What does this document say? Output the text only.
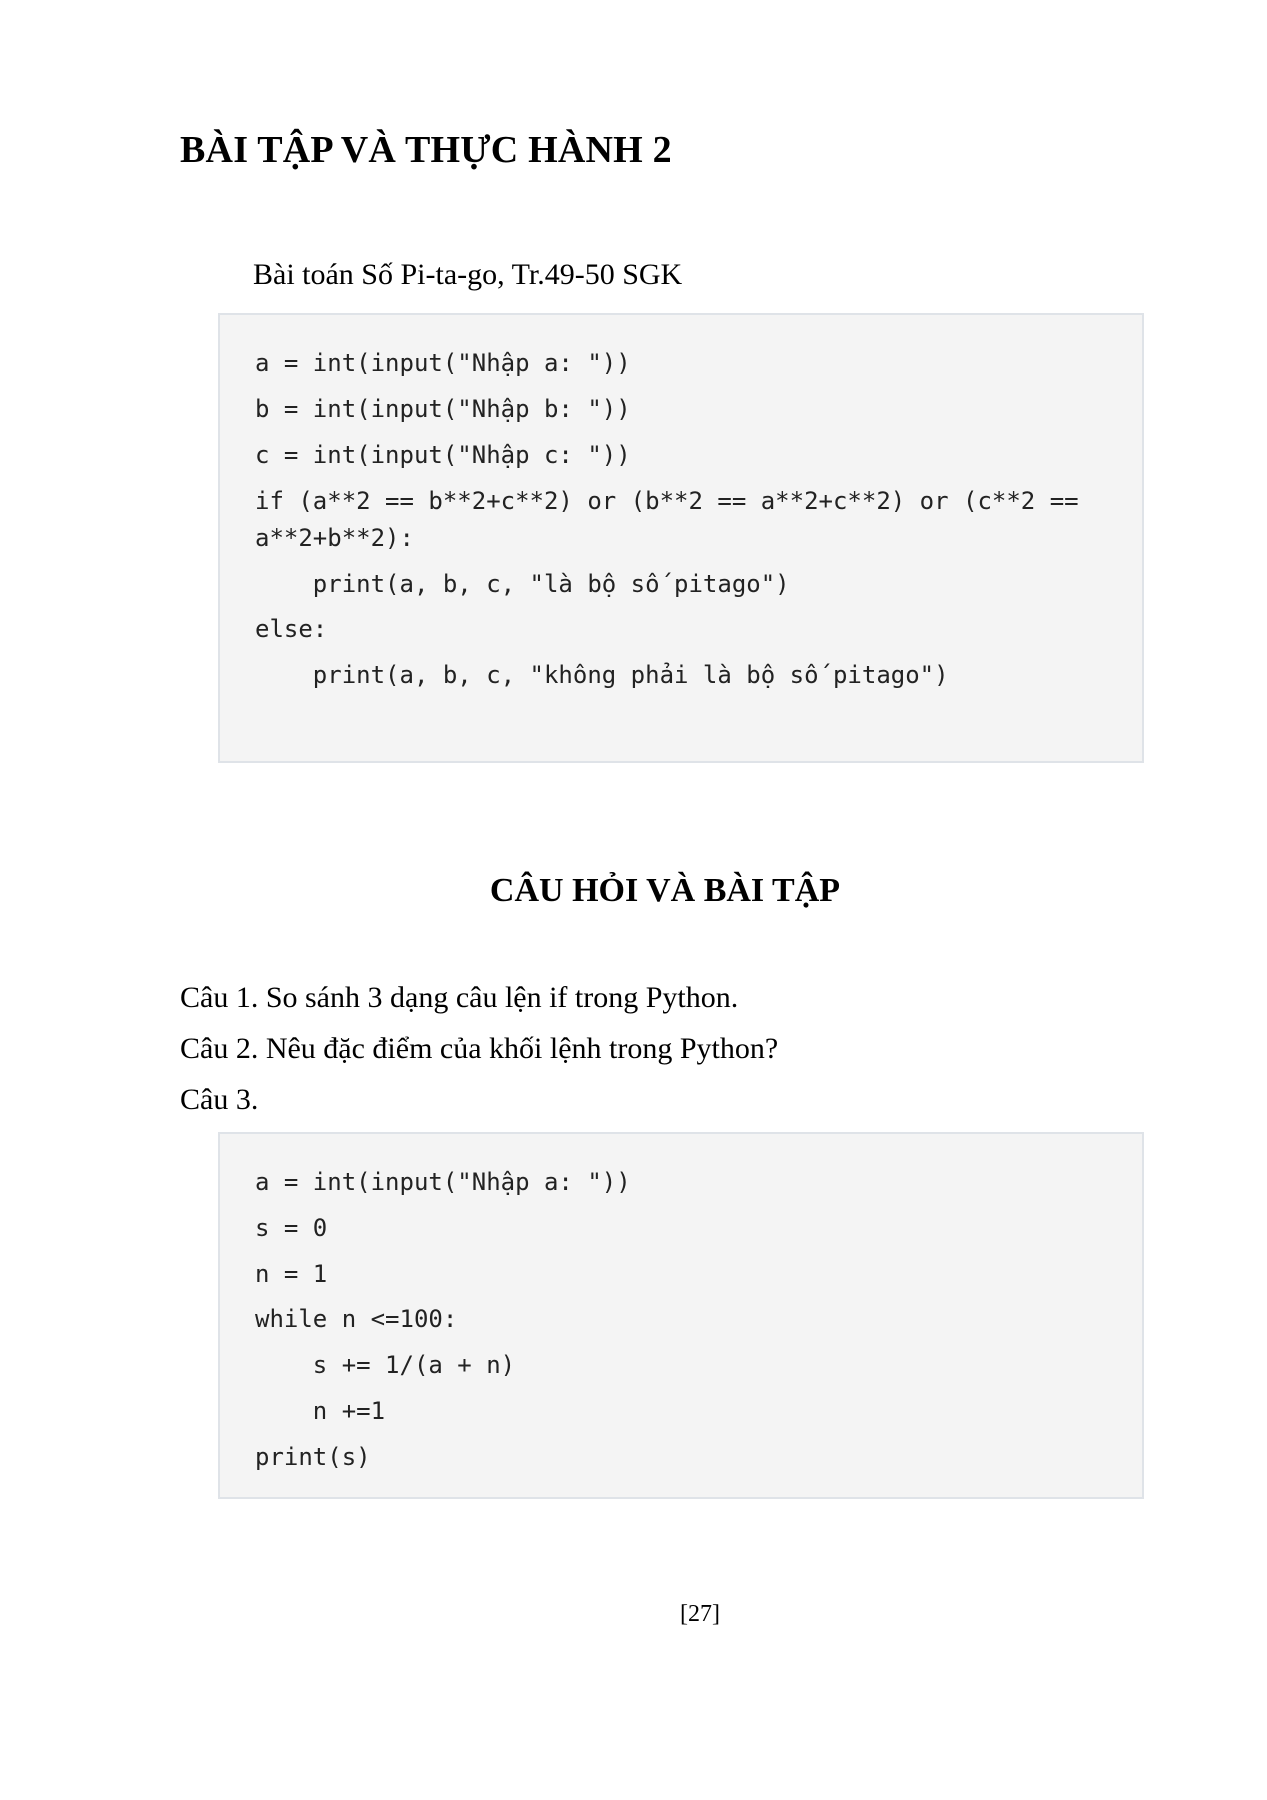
BÀI TẬP VÀ THỰC HÀNH 2
Bài toán Số Pi-ta-go, Tr.49-50 SGK
a = int(input("Nhập a: "))
b = int(input("Nhập b: "))
c = int(input("Nhập c: "))
if (a**2 == b**2+c**2) or (b**2 == a**2+c**2) or (c**2 ==
a**2+b**2):
print(a, b, c, "là bộ số pitago")
else:
print(a, b, c, "không phải là bộ số pitago")
CÂU HỎI VÀ BÀI TẬP
Câu 1. So sánh 3 dạng câu lện if trong Python.
Câu 2. Nêu đặc điểm của khối lệnh trong Python?
Câu 3.
a = int(input("Nhập a: "))
s = 0
n = 1
while n <=100:
s += 1/(a + n)
n +=1
print(s)
[27]
